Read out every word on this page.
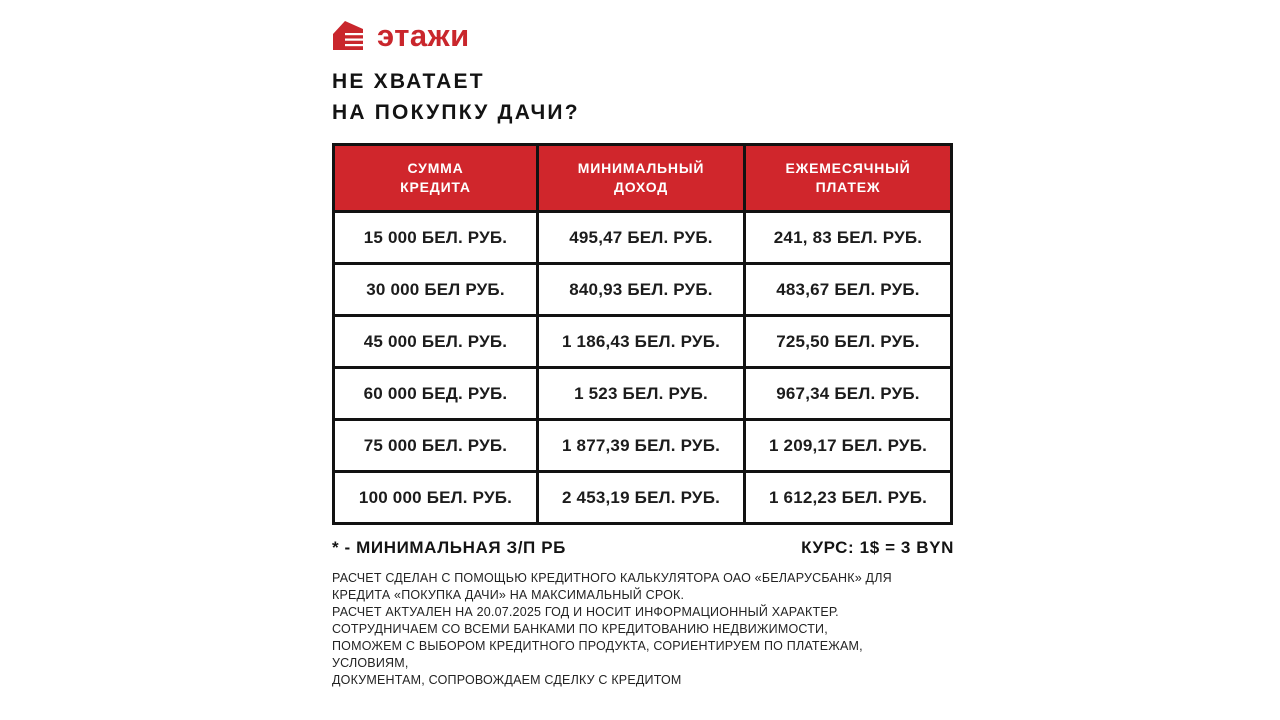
этажи
НЕ ХВАТАЕТ
НА ПОКУПКУ ДАЧИ?
СУММА
КРЕДИТА

МИНИМАЛЬНЫЙ
ДОХОД

ЕЖЕМЕСЯЧНЫЙ
ПЛАТЕЖ

15 000 БЕЛ. РУБ.	495,47 БЕЛ. РУБ.	241, 83 БЕЛ. РУБ.
30 000 БЕЛ РУБ.	840,93 БЕЛ. РУБ.	483,67 БЕЛ. РУБ.
45 000 БЕЛ. РУБ.	1 186,43 БЕЛ. РУБ.	725,50 БЕЛ. РУБ.
60 000 БЕД. РУБ.	1 523 БЕЛ. РУБ.	967,34 БЕЛ. РУБ.
75 000 БЕЛ. РУБ.	1 877,39 БЕЛ. РУБ.	1 209,17 БЕЛ. РУБ.
100 000 БЕЛ. РУБ.	2 453,19 БЕЛ. РУБ.	1 612,23 БЕЛ. РУБ.
* - МИНИМАЛЬНАЯ З/П РБ	КУРС: 1$ = 3 BYN
РАСЧЕТ СДЕЛАН С ПОМОЩЬЮ КРЕДИТНОГО КАЛЬКУЛЯТОРА ОАО «БЕЛАРУСБАНК» ДЛЯ
КРЕДИТА «ПОКУПКА ДАЧИ» НА МАКСИМАЛЬНЫЙ СРОК.
РАСЧЕТ АКТУАЛЕН НА 20.07.2025 ГОД И НОСИТ ИНФОРМАЦИОННЫЙ ХАРАКТЕР.
СОТРУДНИЧАЕМ СО ВСЕМИ БАНКАМИ ПО КРЕДИТОВАНИЮ НЕДВИЖИМОСТИ,
ПОМОЖЕМ С ВЫБОРОМ КРЕДИТНОГО ПРОДУКТА, СОРИЕНТИРУЕМ ПО ПЛАТЕЖАМ,
УСЛОВИЯМ,
ДОКУМЕНТАМ, СОПРОВОЖДАЕМ СДЕЛКУ С КРЕДИТОМ
